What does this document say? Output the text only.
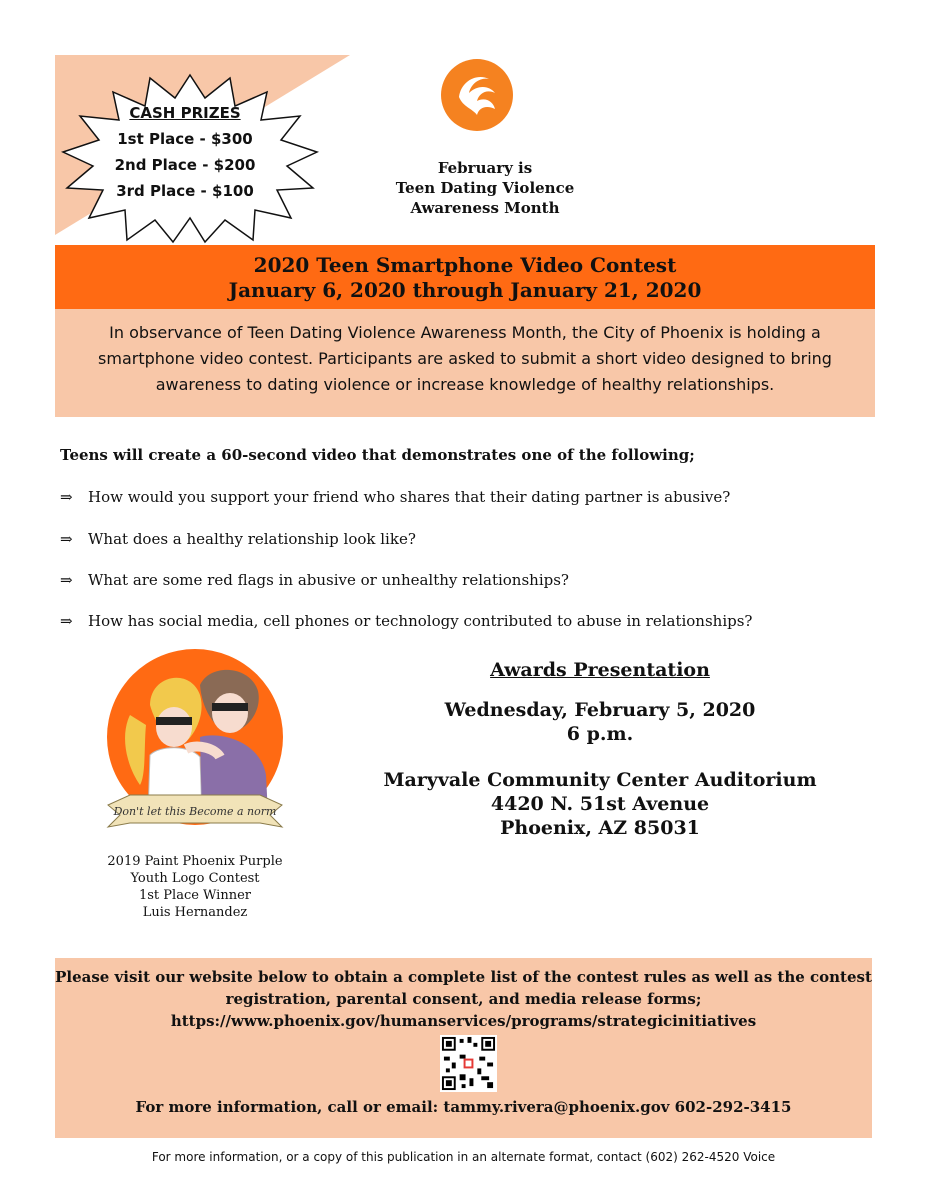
CASH PRIZES
1st Place - $300
2nd Place - $200
3rd Place - $100
February is
Teen Dating Violence
Awareness Month
2020 Teen Smartphone Video Contest
January 6, 2020 through January 21, 2020
In observance of Teen Dating Violence Awareness Month, the City of Phoenix is holding a smartphone video contest. Participants are asked to submit a short video designed to bring awareness to dating violence or increase knowledge of healthy relationships.
Teens will create a 60-second video that demonstrates one of the following;
⇒ How would you support your friend who shares that their dating partner is abusive?
⇒ What does a healthy relationship look like?
⇒ What are some red flags in abusive or unhealthy relationships?
⇒ How has social media, cell phones or technology contributed to abuse in relationships?
Don't let this Become a norm
2019 Paint Phoenix Purple
Youth Logo Contest
1st Place Winner
Luis Hernandez
Awards Presentation
Wednesday, February 5, 2020
6 p.m.
Maryvale Community Center Auditorium
4420 N. 51st Avenue
Phoenix, AZ 85031
Please visit our website below to obtain a complete list of the contest rules as well as the contest
registration, parental consent, and media release forms;
https://www.phoenix.gov/humanservices/programs/strategicinitiatives
For more information, call or email: tammy.rivera@phoenix.gov 602-292-3415
For more information, or a copy of this publication in an alternate format, contact (602) 262-4520 Voice
